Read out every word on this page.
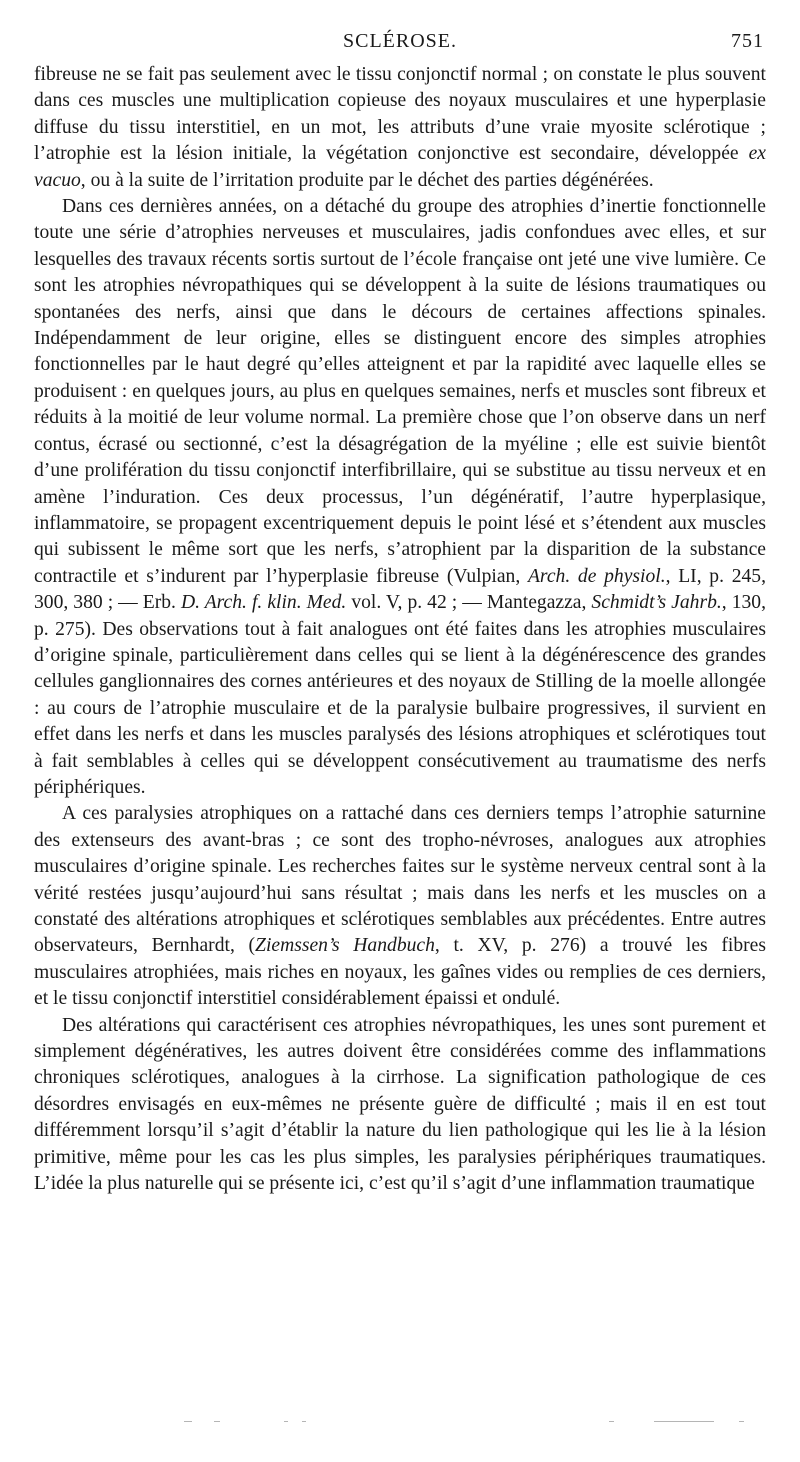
SCLÉROSE.	751

fibreuse ne se fait pas seulement avec le tissu conjonctif normal ; on constate le plus souvent dans ces muscles une multiplication copieuse des noyaux musculaires et une hyperplasie diffuse du tissu interstitiel, en un mot, les attributs d’une vraie myosite sclérotique ; l’atrophie est la lésion initiale, la végétation conjonctive est secondaire, développée ex vacuo, ou à la suite de l’irritation produite par le déchet des parties dégénérées.

Dans ces dernières années, on a détaché du groupe des atrophies d’inertie fonctionnelle toute une série d’atrophies nerveuses et musculaires, jadis confondues avec elles, et sur lesquelles des travaux récents sortis surtout de l’école française ont jeté une vive lumière. Ce sont les atrophies névropathiques qui se développent à la suite de lésions traumatiques ou spontanées des nerfs, ainsi que dans le décours de certaines affections spinales. Indépendamment de leur origine, elles se distinguent encore des simples atrophies fonctionnelles par le haut degré qu’elles atteignent et par la rapidité avec laquelle elles se produisent : en quelques jours, au plus en quelques semaines, nerfs et muscles sont fibreux et réduits à la moitié de leur volume normal. La première chose que l’on observe dans un nerf contus, écrasé ou sectionné, c’est la désagrégation de la myéline ; elle est suivie bientôt d’une prolifération du tissu conjonctif interfibrillaire, qui se substitue au tissu nerveux et en amène l’induration. Ces deux processus, l’un dégénératif, l’autre hyperplasique, inflammatoire, se propagent excentriquement depuis le point lésé et s’étendent aux muscles qui subissent le même sort que les nerfs, s’atrophient par la disparition de la substance contractile et s’indurent par l’hyperplasie fibreuse (Vulpian, Arch. de physiol., LI, p. 245, 300, 380 ; — Erb. D. Arch. f. klin. Med. vol. V, p. 42 ; — Mantegazza, Schmidt’s Jahrb., 130, p. 275). Des observations tout à fait analogues ont été faites dans les atrophies musculaires d’origine spinale, particulièrement dans celles qui se lient à la dégénérescence des grandes cellules ganglionnaires des cornes antérieures et des noyaux de Stilling de la moelle allongée : au cours de l’atrophie musculaire et de la paralysie bulbaire progressives, il survient en effet dans les nerfs et dans les muscles paralysés des lésions atrophiques et sclérotiques tout à fait semblables à celles qui se développent consécutivement au traumatisme des nerfs périphériques.

A ces paralysies atrophiques on a rattaché dans ces derniers temps l’atrophie saturnine des extenseurs des avant-bras ; ce sont des tropho-névroses, analogues aux atrophies musculaires d’origine spinale. Les recherches faites sur le système nerveux central sont à la vérité restées jusqu’aujourd’hui sans résultat ; mais dans les nerfs et les muscles on a constaté des altérations atrophiques et sclérotiques semblables aux précédentes. Entre autres observateurs, Bernhardt, (Ziemssen’s Handbuch, t. XV, p. 276) a trouvé les fibres musculaires atrophiées, mais riches en noyaux, les gaînes vides ou remplies de ces derniers, et le tissu conjonctif interstitiel considérablement épaissi et ondulé.

Des altérations qui caractérisent ces atrophies névropathiques, les unes sont purement et simplement dégénératives, les autres doivent être considérées comme des inflammations chroniques sclérotiques, analogues à la cirrhose. La signification pathologique de ces désordres envisagés en eux-mêmes ne présente guère de difficulté ; mais il en est tout différemment lorsqu’il s’agit d’établir la nature du lien pathologique qui les lie à la lésion primitive, même pour les cas les plus simples, les paralysies périphériques traumatiques. L’idée la plus naturelle qui se présente ici, c’est qu’il s’agit d’une inflammation traumatique
